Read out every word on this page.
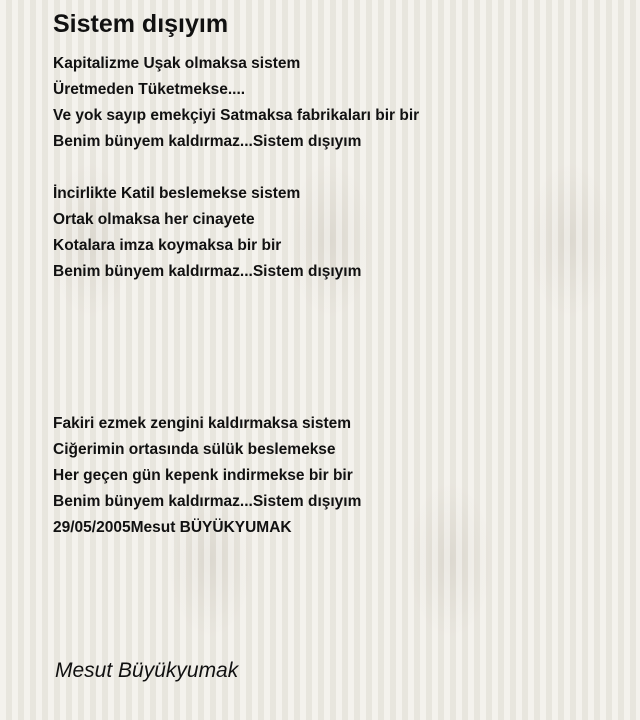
Sistem dışıyım
Kapitalizme Uşak olmaksa sistem
Üretmeden Tüketmekse....
Ve yok sayıp emekçiyi Satmaksa fabrikaları bir bir
Benim bünyem kaldırmaz...Sistem dışıyım
İncirlikte Katil beslemekse sistem
Ortak olmaksa her cinayete
Kotalara imza koymaksa bir bir
Benim bünyem kaldırmaz...Sistem dışıyım
Fakiri ezmek zengini kaldırmaksa sistem
Ciğerimin ortasında sülük beslemekse
Her geçen gün kepenk indirmekse bir bir
Benim bünyem kaldırmaz...Sistem dışıyım
29/05/2005Mesut BÜYÜKYUMAK
Mesut Büyükyumak
